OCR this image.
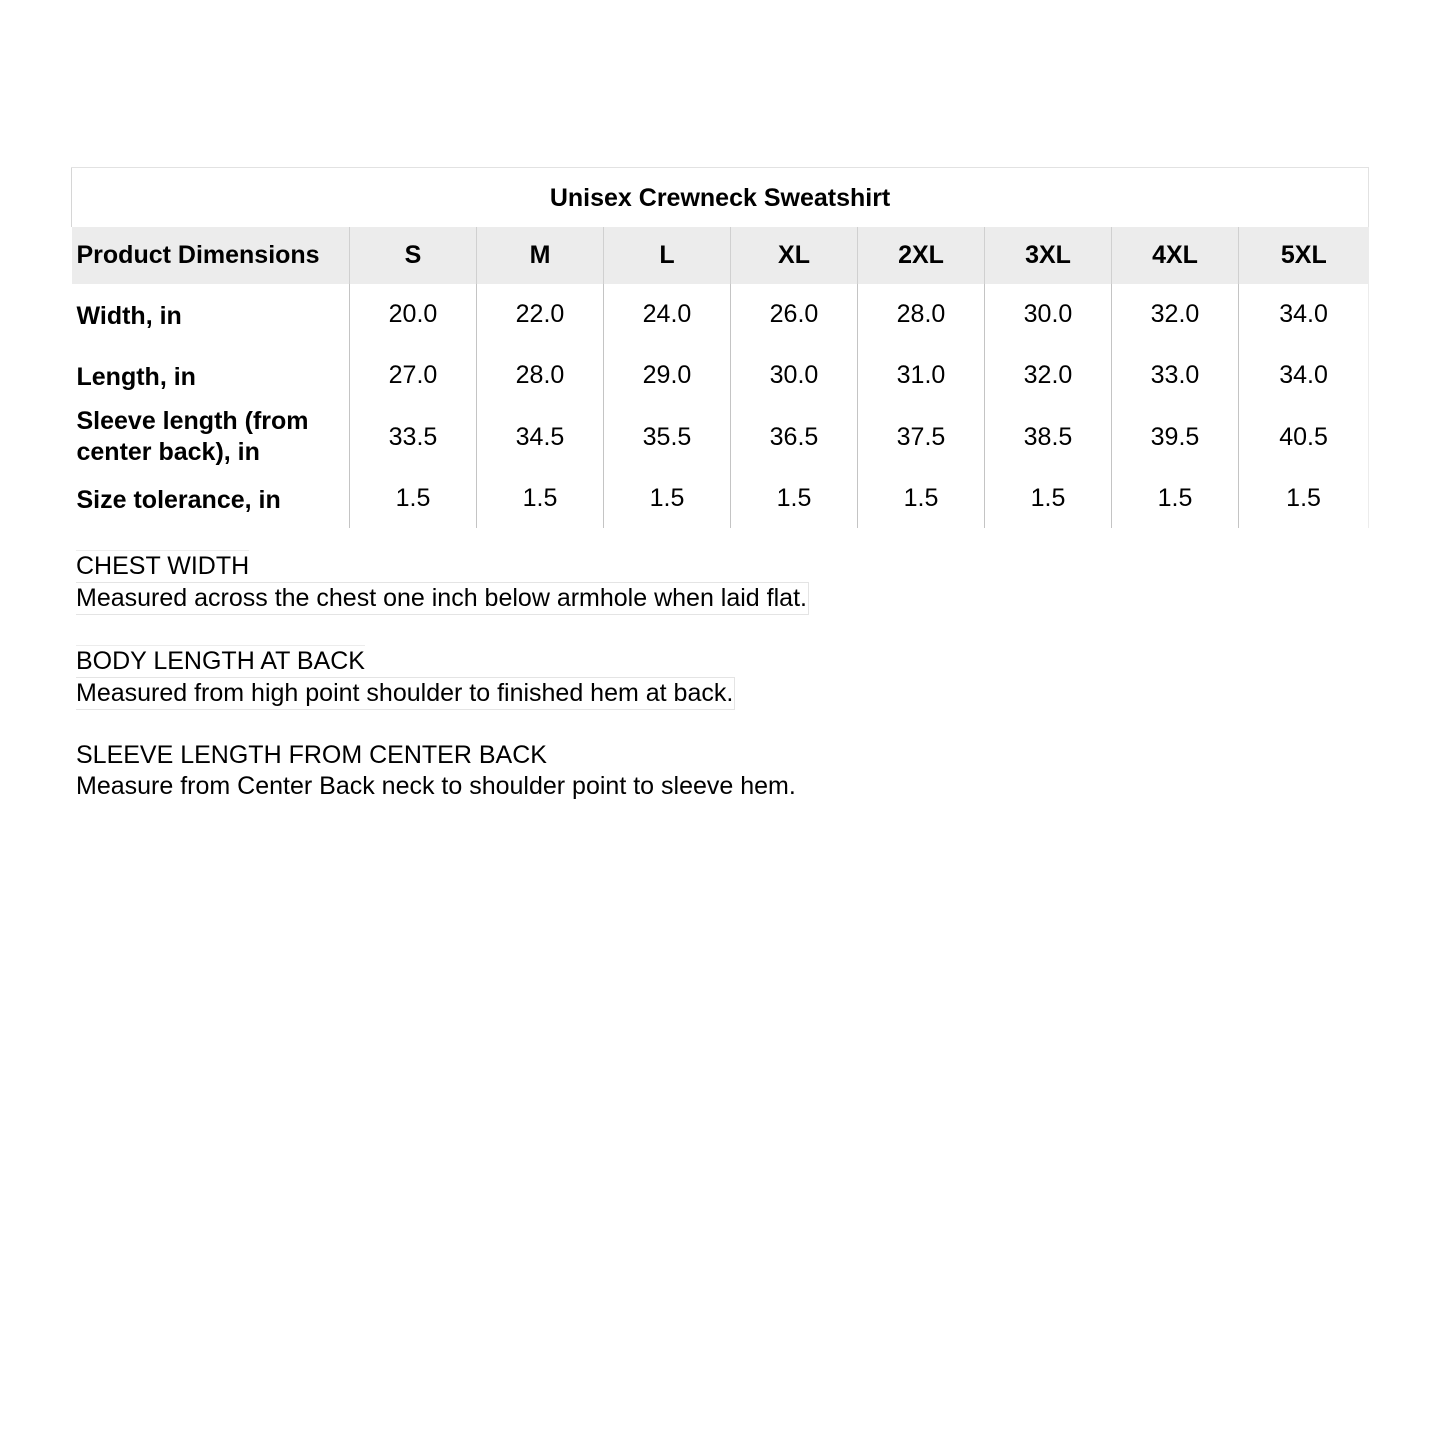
Unisex Crewneck Sweatshirt								
Product Dimensions	S	M	L	XL	2XL	3XL	4XL	5XL
Width, in	20.0	22.0	24.0	26.0	28.0	30.0	32.0	34.0
Length, in	27.0	28.0	29.0	30.0	31.0	32.0	33.0	34.0
Sleeve length (from center back), in	33.5	34.5	35.5	36.5	37.5	38.5	39.5	40.5
Size tolerance, in	1.5	1.5	1.5	1.5	1.5	1.5	1.5	1.5
CHEST WIDTH
Measured across the chest one inch below armhole when laid flat.
BODY LENGTH AT BACK
Measured from high point shoulder to finished hem at back.
SLEEVE LENGTH FROM CENTER BACK
Measure from Center Back neck to shoulder point to sleeve hem.
